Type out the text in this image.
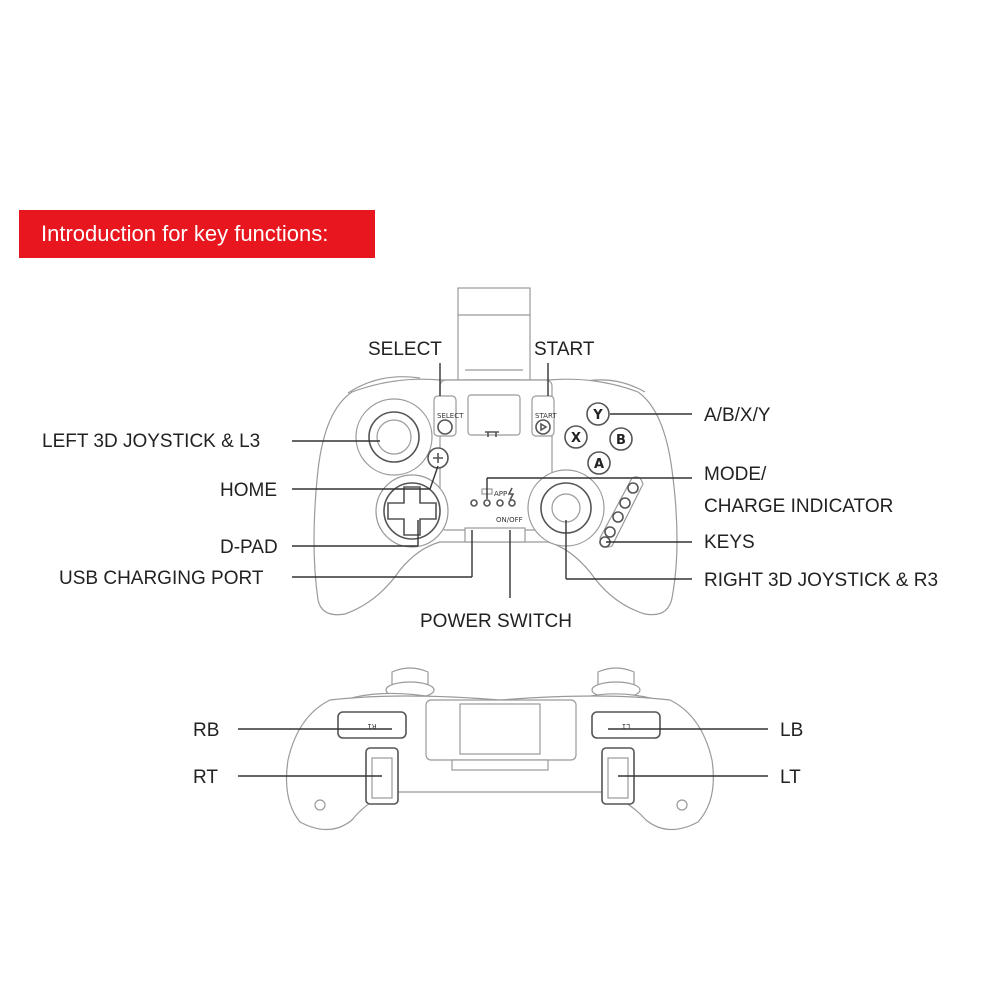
Introduction for key functions:
SELECT	START
APP
ON/OFF
Y
X	B
A
SELECT	START
LEFT 3D JOYSTICK & L3
HOME
D-PAD
USB CHARGING PORT
POWER SWITCH
A/B/X/Y
MODE/
CHARGE INDICATOR
KEYS
RIGHT 3D JOYSTICK & R3
R1	L1
RB
RT
LB
LT
